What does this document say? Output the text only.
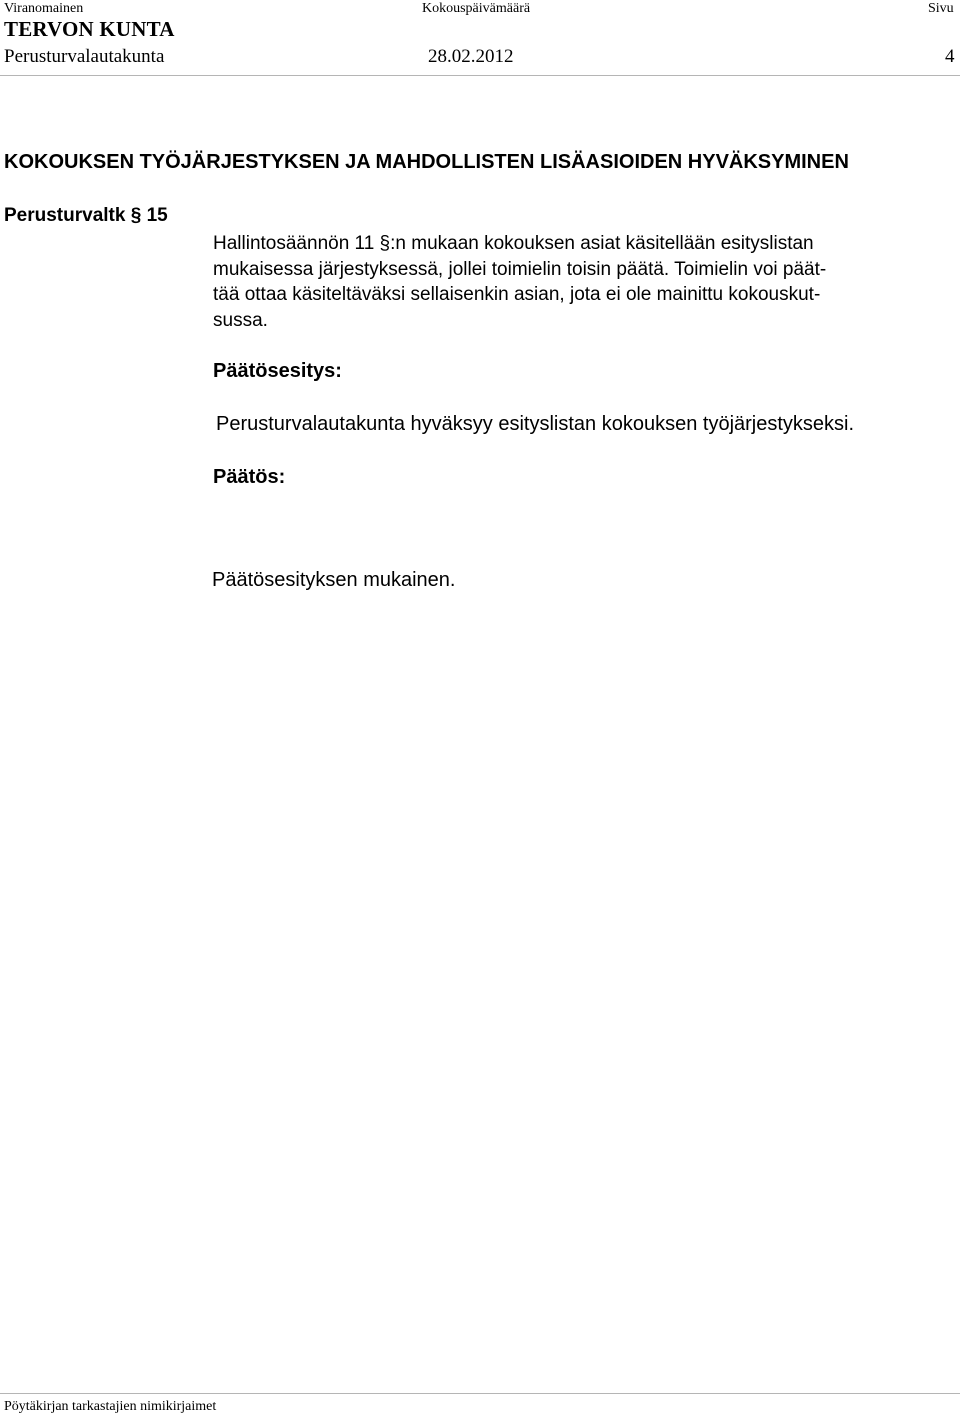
Viranomainen	Kokouspäivämäärä	Sivu
TERVON KUNTA
Perusturvalautakunta	28.02.2012	4
KOKOUKSEN TYÖJÄRJESTYKSEN JA MAHDOLLISTEN LISÄASIOIDEN HYVÄKSYMINEN
Perusturvaltk § 15
Hallintosäännön 11 §:n mukaan kokouksen asiat käsitellään esityslistan
mukaisessa järjestyksessä, jollei toimielin toisin päätä. Toimielin voi päät-
tää ottaa käsiteltäväksi sellaisenkin asian, jota ei ole mainittu kokouskut-
sussa.
Päätösesitys:
Perusturvalautakunta hyväksyy esityslistan kokouksen työjärjestykseksi.
Päätös:
Päätösesityksen mukainen.
Pöytäkirjan tarkastajien nimikirjaimet
